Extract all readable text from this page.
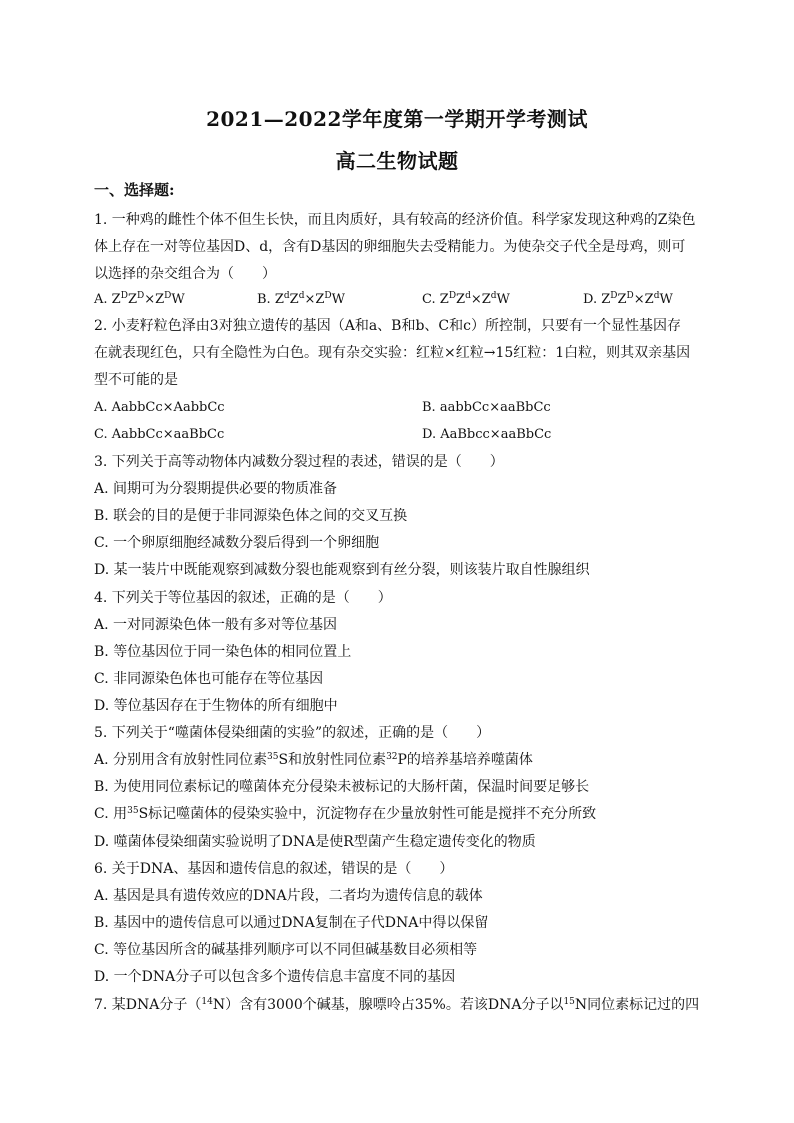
2021—2022学年度第一学期开学考测试
高二生物试题
一、选择题:
1. 一种鸡的雌性个体不但生长快，而且肉质好，具有较高的经济价值。科学家发现这种鸡的Z染色
体上存在一对等位基因D、d，含有D基因的卵细胞失去受精能力。为使杂交子代全是母鸡，则可
以选择的杂交组合为（　　）
A. $Z^DZ^D\times Z^DW$	B. $Z^dZ^d\times Z^DW$	C. $Z^DZ^d\times Z^dW$	D. $Z^DZ^D\times Z^dW$
2. 小麦籽粒色泽由3对独立遗传的基因（A和a、B和b、C和c）所控制，只要有一个显性基因存
在就表现红色，只有全隐性为白色。现有杂交实验：红粒×红粒→15红粒：1白粒，则其双亲基因
型不可能的是
A. AabbCc×AabbCc	B. aabbCc×aaBbCc
C. AabbCc×aaBbCc	D. AaBbcc×aaBbCc
3. 下列关于高等动物体内减数分裂过程的表述，错误的是（　　）
A. 间期可为分裂期提供必要的物质准备
B. 联会的目的是便于非同源染色体之间的交叉互换
C. 一个卵原细胞经减数分裂后得到一个卵细胞
D. 某一装片中既能观察到减数分裂也能观察到有丝分裂，则该装片取自性腺组织
4. 下列关于等位基因的叙述，正确的是（　　）
A. 一对同源染色体一般有多对等位基因
B. 等位基因位于同一染色体的相同位置上
C. 非同源染色体也可能存在等位基因
D. 等位基因存在于生物体的所有细胞中
5. 下列关于“噬菌体侵染细菌的实验”的叙述，正确的是（　　）
A. 分别用含有放射性同位素$^{35}$S和放射性同位素$^{32}$P的培养基培养噬菌体
B. 为使用同位素标记的噬菌体充分侵染未被标记的大肠杆菌，保温时间要足够长
C. 用$^{35}$S标记噬菌体的侵染实验中，沉淀物存在少量放射性可能是搅拌不充分所致
D. 噬菌体侵染细菌实验说明了DNA是使R型菌产生稳定遗传变化的物质
6. 关于DNA、基因和遗传信息的叙述，错误的是（　　）
A. 基因是具有遗传效应的DNA片段，二者均为遗传信息的载体
B. 基因中的遗传信息可以通过DNA复制在子代DNA中得以保留
C. 等位基因所含的碱基排列顺序可以不同但碱基数目必须相等
D. 一个DNA分子可以包含多个遗传信息丰富度不同的基因
7. 某DNA分子（$^{14}$N）含有3000个碱基，腺嘌呤占35%。若该DNA分子以$^{15}$N同位素标记过的四
